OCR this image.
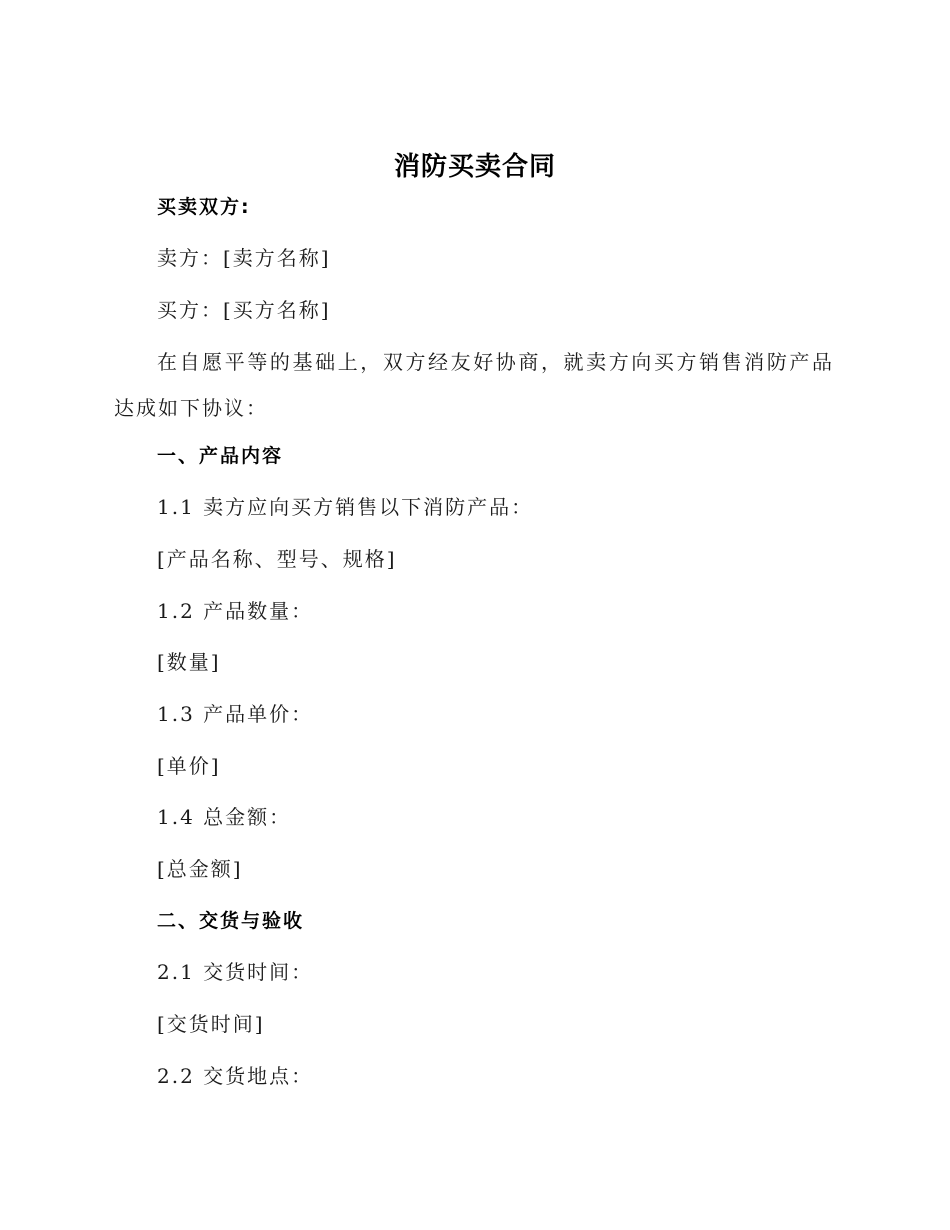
消防买卖合同
买卖双方:
卖方：[卖方名称]
买方：[买方名称]
在自愿平等的基础上，双方经友好协商，就卖方向买方销售消防产品达成如下协议：
一、产品内容
1.1 卖方应向买方销售以下消防产品：
[产品名称、型号、规格]
1.2 产品数量：
[数量]
1.3 产品单价：
[单价]
1.4 总金额：
[总金额]
二、交货与验收
2.1 交货时间：
[交货时间]
2.2 交货地点：
